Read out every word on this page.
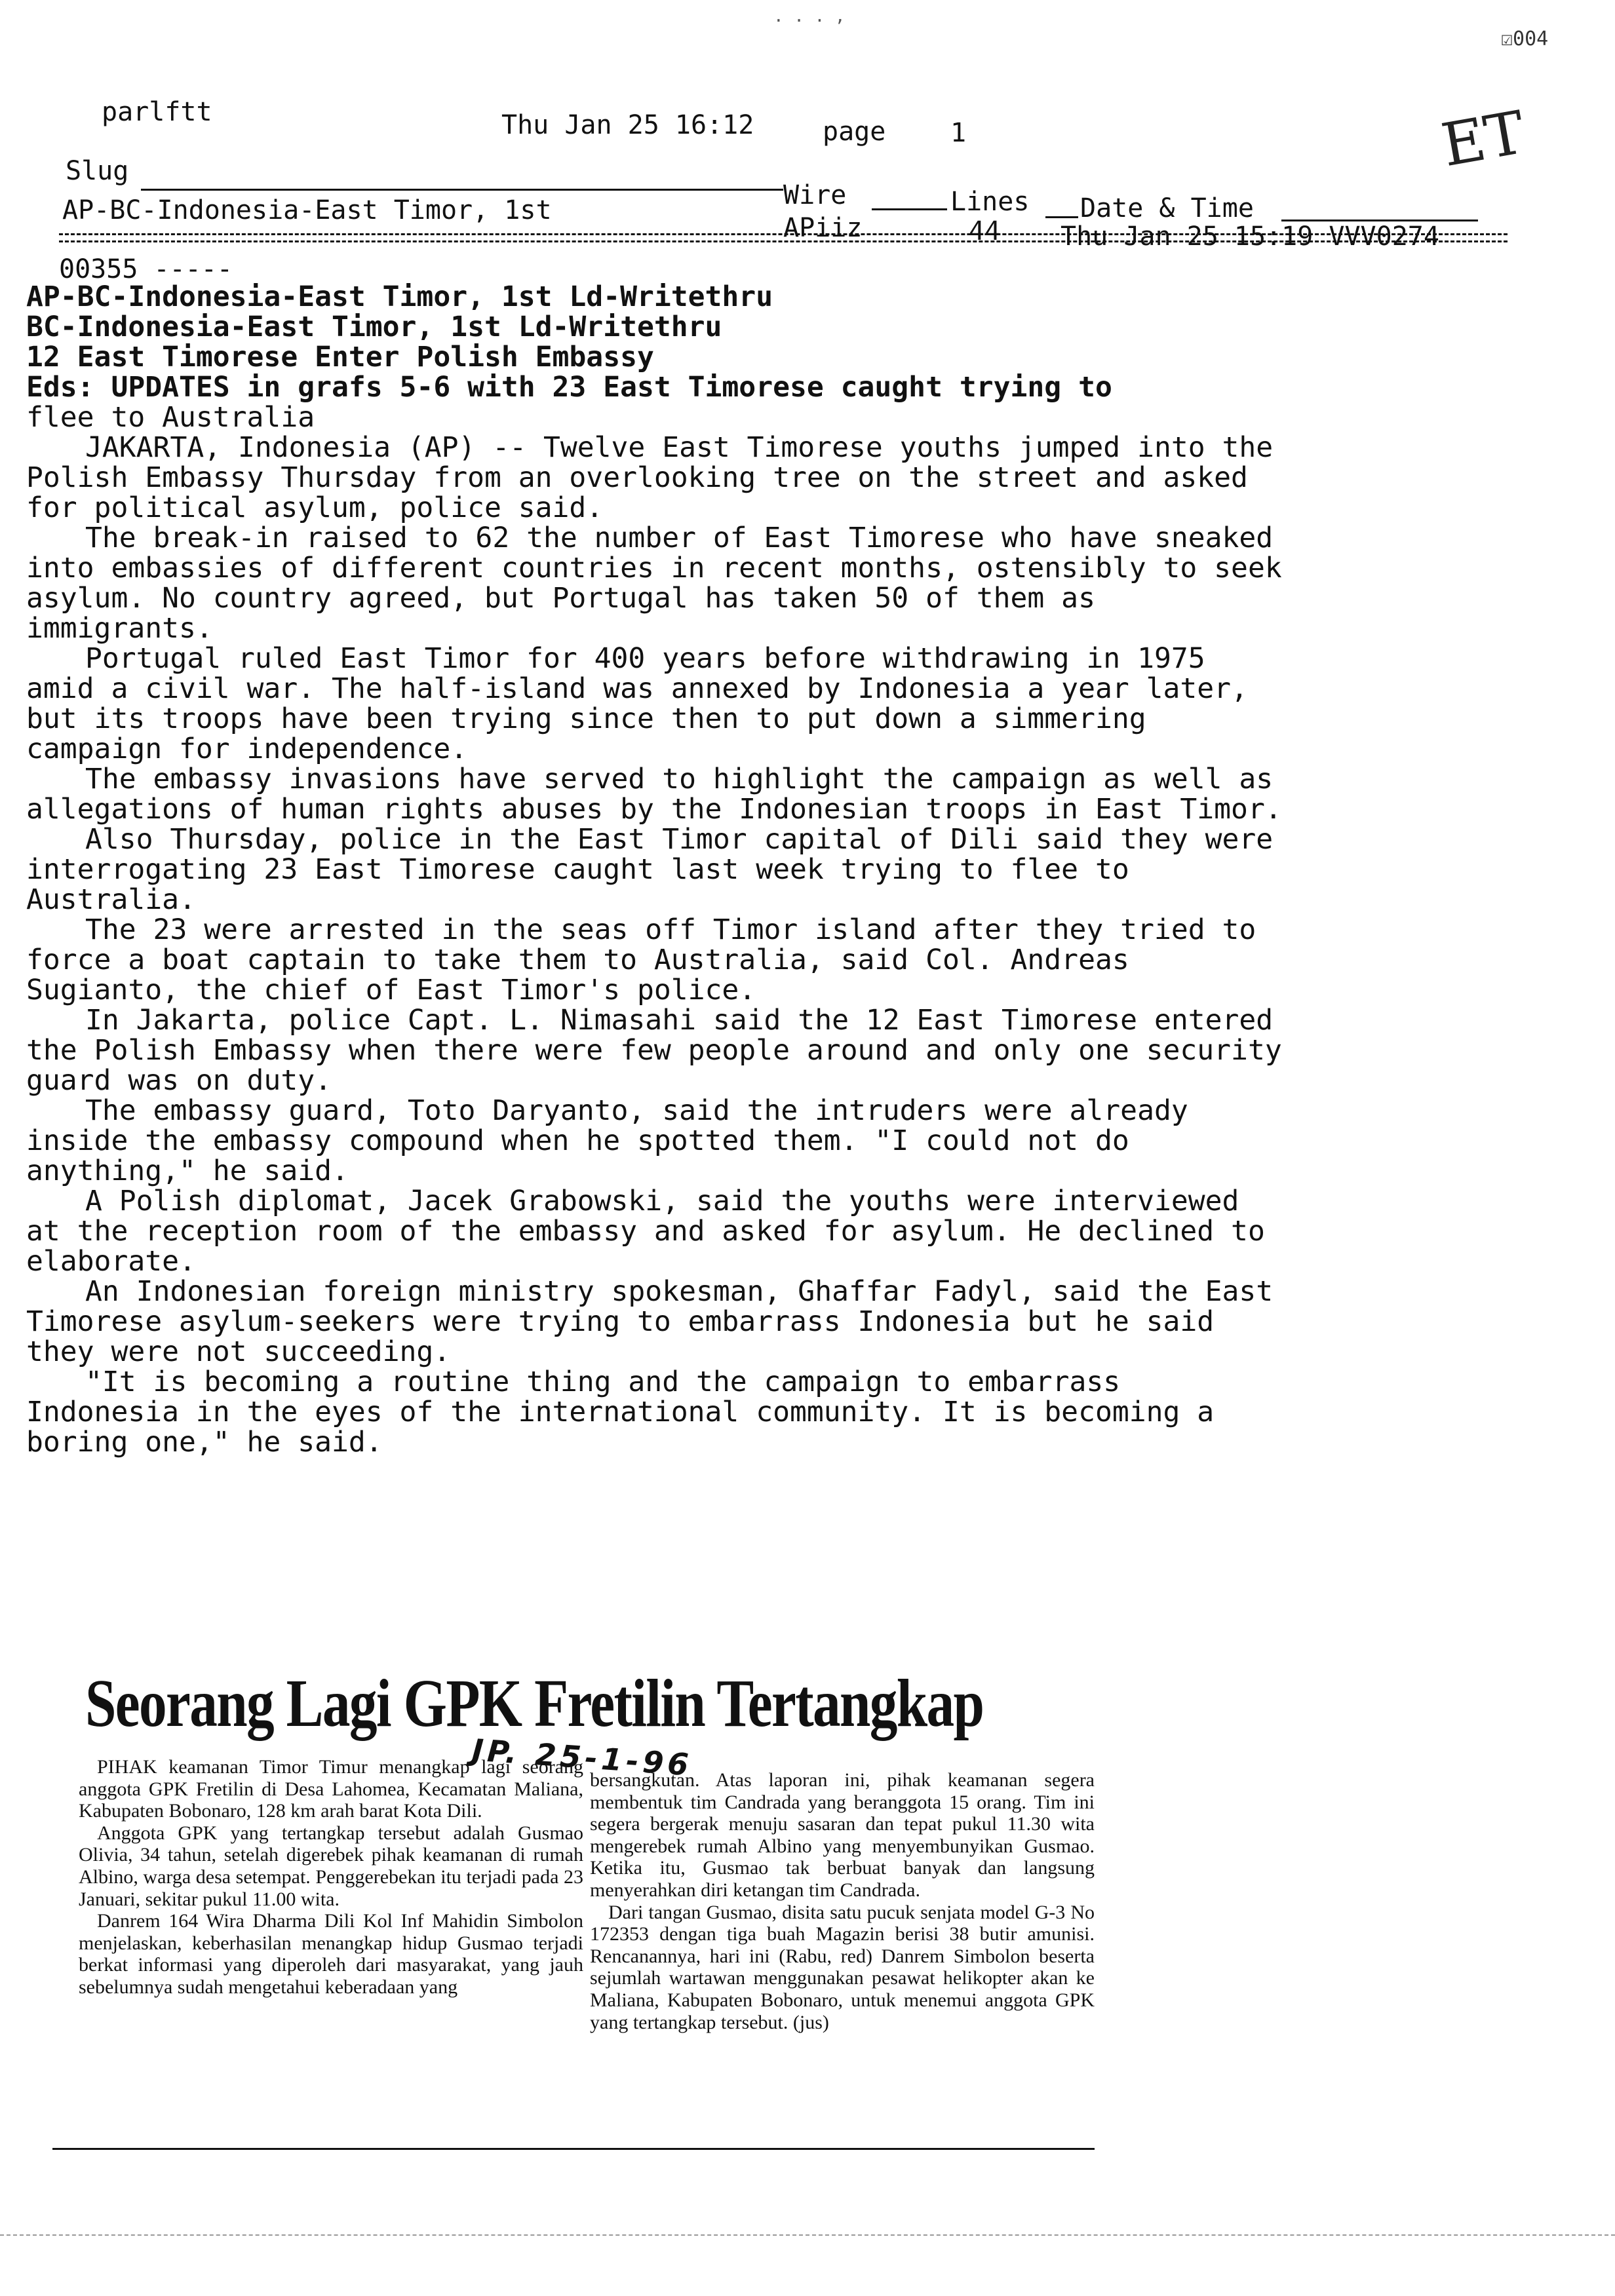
. . . ,
☑004
ET
parlftt	Thu Jan 25 16:12	page 1
Slug
Wire	Lines Date & Time
AP-BC-Indonesia-East Timor, 1st
APiiz	44 Thu Jan 25 15:19 VVV0274
00355 -----

AP-BC-Indonesia-East Timor, 1st Ld-Writethru

BC-Indonesia-East Timor, 1st Ld-Writethru

12 East Timorese Enter Polish Embassy

Eds: UPDATES in grafs 5-6 with 23 East Timorese caught trying to

flee to Australia

JAKARTA, Indonesia (AP) -- Twelve East Timorese youths jumped into the Polish Embassy Thursday from an overlooking tree on the street and asked for political asylum, police said.

The break-in raised to 62 the number of East Timorese who have sneaked into embassies of different countries in recent months, ostensibly to seek asylum. No country agreed, but Portugal has taken 50 of them as immigrants.

Portugal ruled East Timor for 400 years before withdrawing in 1975 amid a civil war. The half-island was annexed by Indonesia a year later, but its troops have been trying since then to put down a simmering campaign for independence.

The embassy invasions have served to highlight the campaign as well as allegations of human rights abuses by the Indonesian troops in East Timor.

Also Thursday, police in the East Timor capital of Dili said they were interrogating 23 East Timorese caught last week trying to flee to Australia.

The 23 were arrested in the seas off Timor island after they tried to force a boat captain to take them to Australia, said Col. Andreas Sugianto, the chief of East Timor's police.

In Jakarta, police Capt. L. Nimasahi said the 12 East Timorese entered the Polish Embassy when there were few people around and only one security guard was on duty.

The embassy guard, Toto Daryanto, said the intruders were already inside the embassy compound when he spotted them. "I could not do anything," he said.

A Polish diplomat, Jacek Grabowski, said the youths were interviewed at the reception room of the embassy and asked for asylum. He declined to elaborate.

An Indonesian foreign ministry spokesman, Ghaffar Fadyl, said the East Timorese asylum-seekers were trying to embarrass Indonesia but he said they were not succeeding.

"It is becoming a routine thing and the campaign to embarrass Indonesia in the eyes of the international community. It is becoming a boring one," he said.

Seorang Lagi GPK Fretilin Tertangkap
JP. 25-1-96

PIHAK keamanan Timor Timur menangkap lagi seorang anggota GPK Fretilin di Desa Lahomea, Kecamatan Maliana, Kabupaten Bobonaro, 128 km arah barat Kota Dili.

Anggota GPK yang tertangkap tersebut adalah Gusmao Olivia, 34 tahun, setelah digerebek pihak keamanan di rumah Albino, warga desa setempat. Penggerebekan itu terjadi pada 23 Januari, sekitar pukul 11.00 wita.

Danrem 164 Wira Dharma Dili Kol Inf Mahidin Simbolon menjelaskan, keberhasilan menangkap hidup Gusmao terjadi berkat informasi yang diperoleh dari masyarakat, yang jauh sebelumnya sudah mengetahui keberadaan yang

bersangkutan. Atas laporan ini, pihak keamanan segera membentuk tim Candrada yang beranggota 15 orang. Tim ini segera bergerak menuju sasaran dan tepat pukul 11.30 wita mengerebek rumah Albino yang menyembunyikan Gusmao. Ketika itu, Gusmao tak berbuat banyak dan langsung menyerahkan diri ketangan tim Candrada.

Dari tangan Gusmao, disita satu pucuk senjata model G-3 No 172353 dengan tiga buah Magazin berisi 38 butir amunisi. Rencanannya, hari ini (Rabu, red) Danrem Simbolon beserta sejumlah wartawan menggunakan pesawat helikopter akan ke Maliana, Kabupaten Bobonaro, untuk menemui anggota GPK yang tertangkap tersebut. (jus)
